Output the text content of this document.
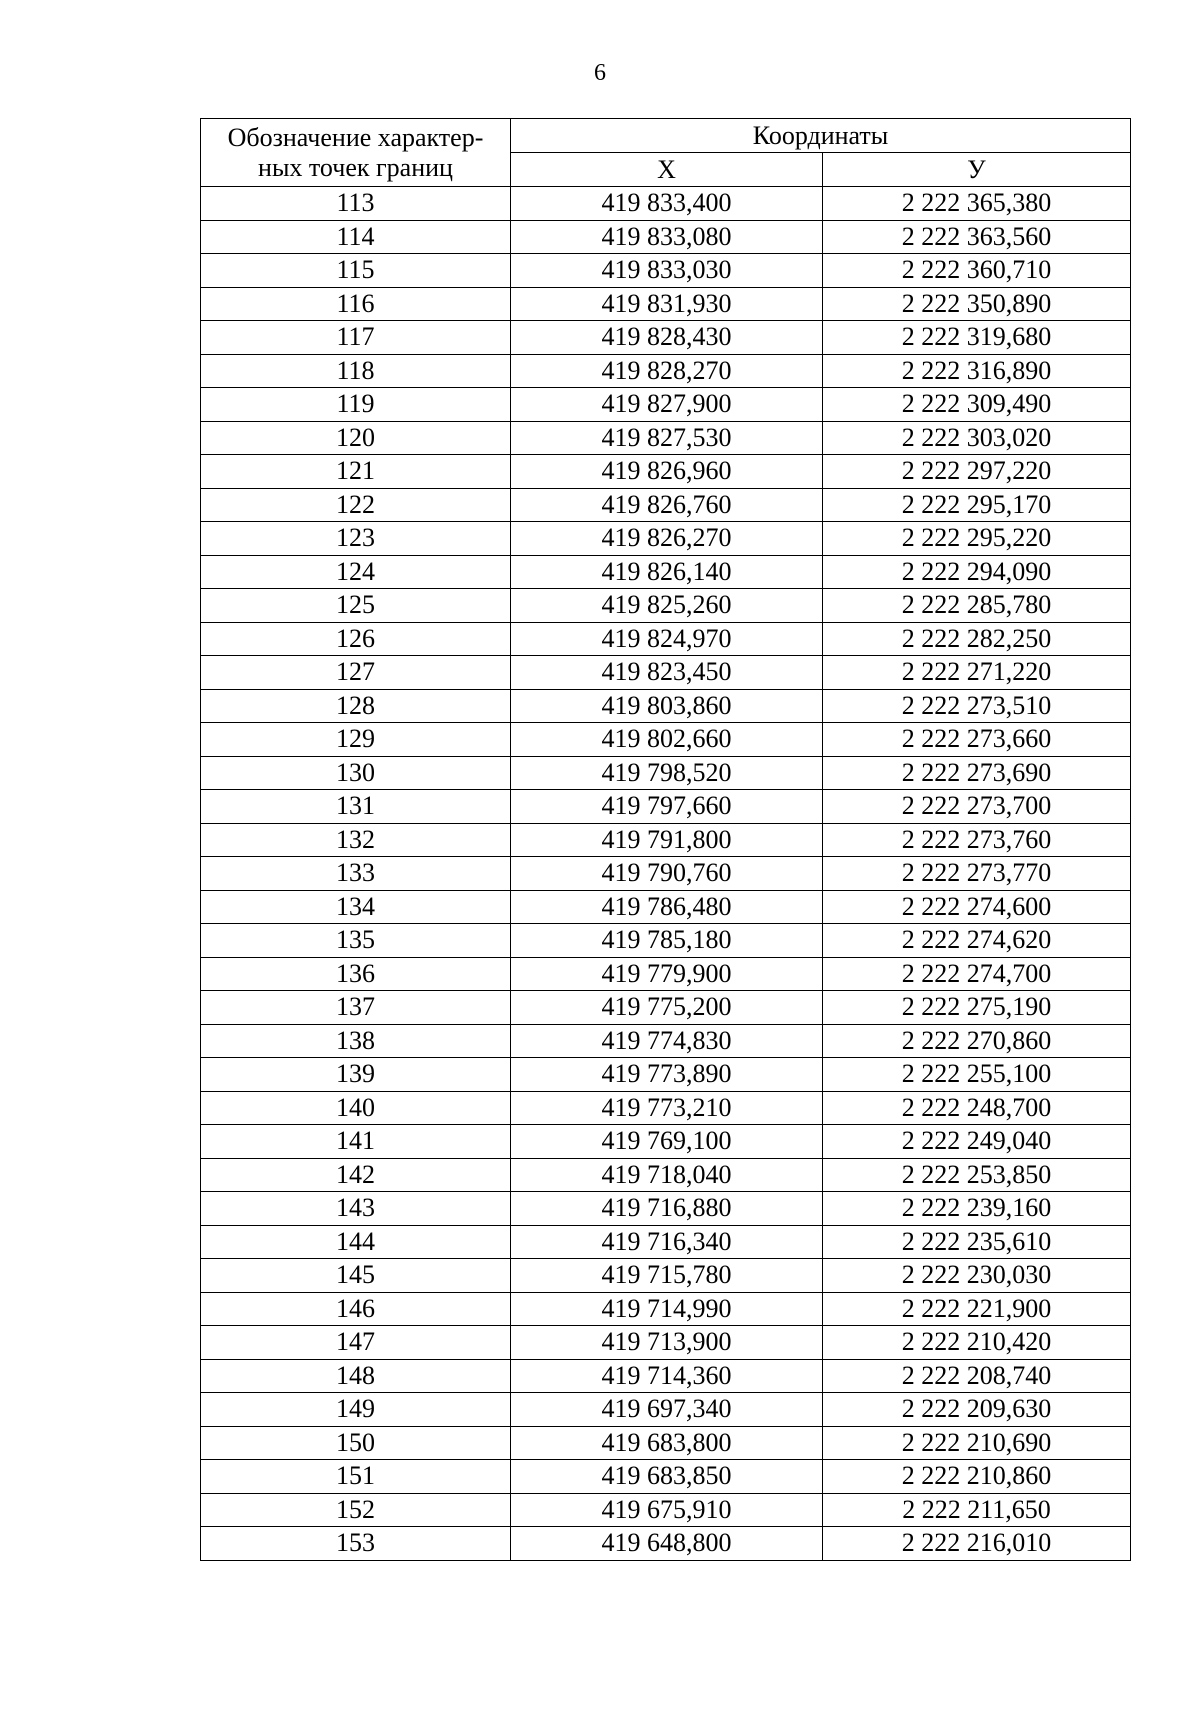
6
Обозначение характер-
ных точек границ	Координаты	
	X	У
113	419 833,400	2 222 365,380
114	419 833,080	2 222 363,560
115	419 833,030	2 222 360,710
116	419 831,930	2 222 350,890
117	419 828,430	2 222 319,680
118	419 828,270	2 222 316,890
119	419 827,900	2 222 309,490
120	419 827,530	2 222 303,020
121	419 826,960	2 222 297,220
122	419 826,760	2 222 295,170
123	419 826,270	2 222 295,220
124	419 826,140	2 222 294,090
125	419 825,260	2 222 285,780
126	419 824,970	2 222 282,250
127	419 823,450	2 222 271,220
128	419 803,860	2 222 273,510
129	419 802,660	2 222 273,660
130	419 798,520	2 222 273,690
131	419 797,660	2 222 273,700
132	419 791,800	2 222 273,760
133	419 790,760	2 222 273,770
134	419 786,480	2 222 274,600
135	419 785,180	2 222 274,620
136	419 779,900	2 222 274,700
137	419 775,200	2 222 275,190
138	419 774,830	2 222 270,860
139	419 773,890	2 222 255,100
140	419 773,210	2 222 248,700
141	419 769,100	2 222 249,040
142	419 718,040	2 222 253,850
143	419 716,880	2 222 239,160
144	419 716,340	2 222 235,610
145	419 715,780	2 222 230,030
146	419 714,990	2 222 221,900
147	419 713,900	2 222 210,420
148	419 714,360	2 222 208,740
149	419 697,340	2 222 209,630
150	419 683,800	2 222 210,690
151	419 683,850	2 222 210,860
152	419 675,910	2 222 211,650
153	419 648,800	2 222 216,010
